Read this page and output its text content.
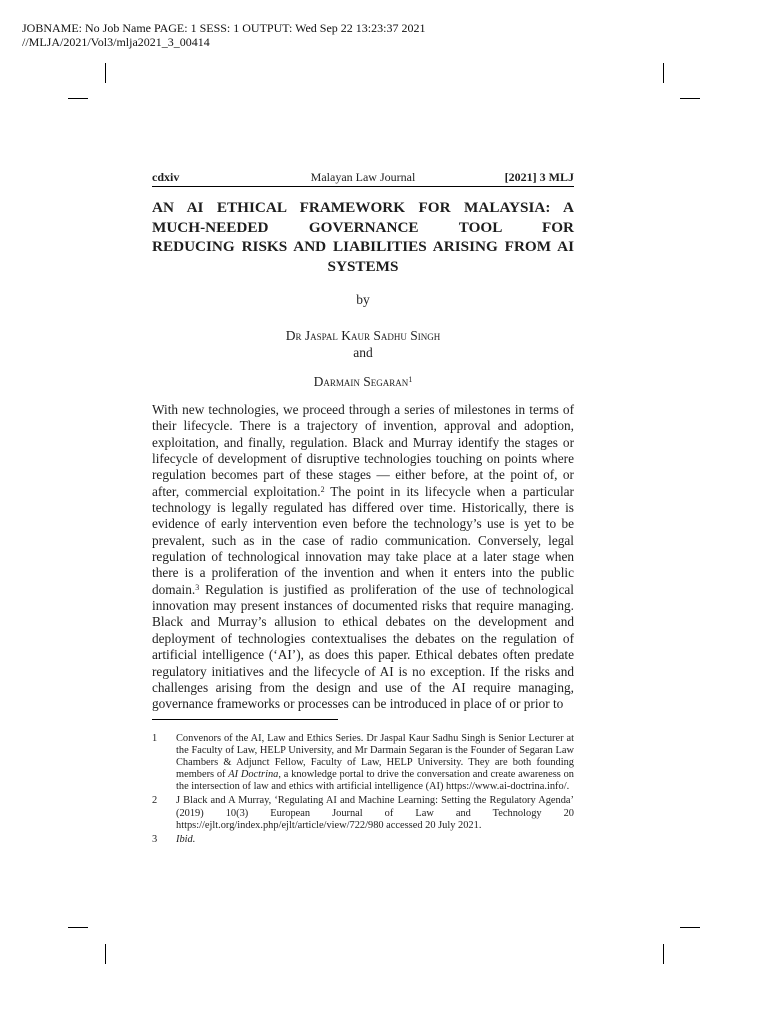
JOBNAME: No Job Name PAGE: 1 SESS: 1 OUTPUT: Wed Sep 22 13:23:37 2021
//MLJA/2021/Vol3/mlja2021_3_00414
cdxiv	Malayan Law Journal	[2021] 3 MLJ
AN AI ETHICAL FRAMEWORK FOR MALAYSIA: A
MUCH-NEEDED GOVERNANCE TOOL FOR
REDUCING RISKS AND LIABILITIES ARISING FROM AI
SYSTEMS
by
Dr Jaspal Kaur Sadhu Singh
and
Darmain Segaran$^1$

With new technologies, we proceed through a series of milestones in terms of their lifecycle. There is a trajectory of invention, approval and adoption, exploitation, and finally, regulation. Black and Murray identify the stages or lifecycle of development of disruptive technologies touching on points where regulation becomes part of these stages — either before, at the point of, or after, commercial exploitation.$^2$ The point in its lifecycle when a particular technology is legally regulated has differed over time. Historically, there is evidence of early intervention even before the technology’s use is yet to be prevalent, such as in the case of radio communication. Conversely, legal regulation of technological innovation may take place at a later stage when there is a proliferation of the invention and when it enters into the public domain.$^3$ Regulation is justified as proliferation of the use of technological innovation may present instances of documented risks that require managing. Black and Murray’s allusion to ethical debates on the development and deployment of technologies contextualises the debates on the regulation of artificial intelligence (‘AI’), as does this paper. Ethical debates often predate regulatory initiatives and the lifecycle of AI is no exception. If the risks and challenges arising from the design and use of the AI require managing, governance frameworks or processes can be introduced in place of or prior to

1 Convenors of the AI, Law and Ethics Series. Dr Jaspal Kaur Sadhu Singh is Senior Lecturer at the Faculty of Law, HELP University, and Mr Darmain Segaran is the Founder of Segaran Law Chambers & Adjunct Fellow, Faculty of Law, HELP University. They are both founding members of AI Doctrina, a knowledge portal to drive the conversation and create awareness on the intersection of law and ethics with artificial intelligence (AI) https://www.ai-doctrina.info/.
2 J Black and A Murray, ‘Regulating AI and Machine Learning: Setting the Regulatory Agenda’ (2019) 10(3) European Journal of Law and Technology 20 https://ejlt.org/index.php/ejlt/article/view/722/980 accessed 20 July 2021.
3 Ibid.
